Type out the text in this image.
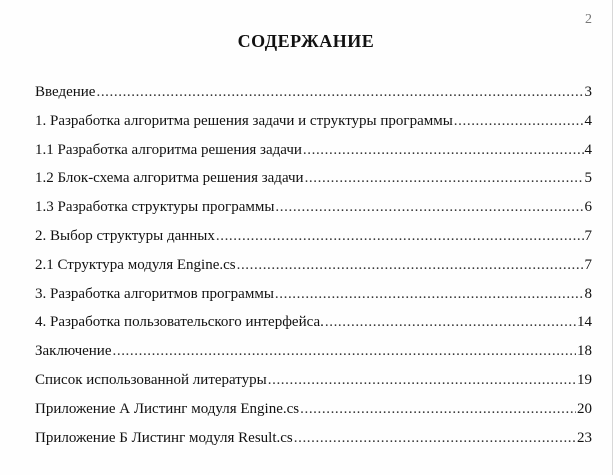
2
СОДЕРЖАНИЕ
Введение .....	3
1. Разработка алгоритма решения задачи и структуры программы .....	4
1.1 Разработка алгоритма решения задачи .....	4
1.2 Блок-схема алгоритма решения задачи .....	5
1.3 Разработка структуры программы .....	6
2. Выбор структуры данных .....	7
2.1 Структура модуля Engine.cs .....	7
3. Разработка алгоритмов программы .....	8
4. Разработка пользовательского интерфейса. .....	14
Заключение .....	18
Список использованной литературы .....	19
Приложение А Листинг модуля Engine.cs .....	20
Приложение Б Листинг модуля Result.cs .....	23
